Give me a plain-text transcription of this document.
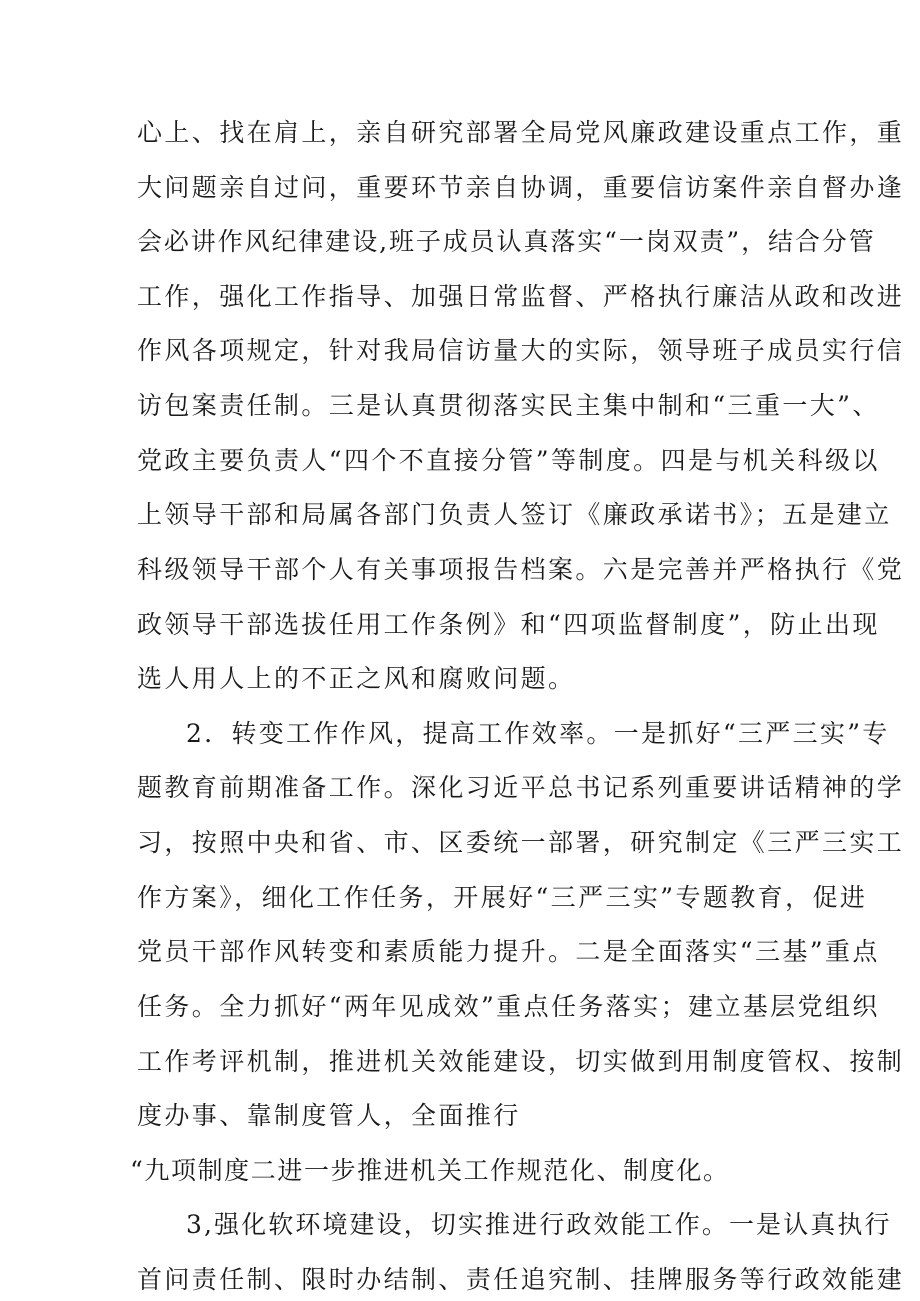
心上、找在肩上，亲自研究部署全局党风廉政建设重点工作，重

大问题亲自过问，重要环节亲自协调，重要信访案件亲自督办逢

会必讲作风纪律建设,班子成员认真落实“一岗双责”，结合分管

工作，强化工作指导、加强日常监督、严格执行廉洁从政和改进

作风各项规定，针对我局信访量大的实际，领导班子成员实行信

访包案责任制。三是认真贯彻落实民主集中制和“三重一大”、

党政主要负责人“四个不直接分管”等制度。四是与机关科级以

上领导干部和局属各部门负责人签订《廉政承诺书》；五是建立

科级领导干部个人有关事项报告档案。六是完善并严格执行《党

政领导干部选拔任用工作条例》和“四项监督制度”，防止出现

选人用人上的不正之风和腐败问题。

2．转变工作作风，提高工作效率。一是抓好“三严三实”专

题教育前期准备工作。深化习近平总书记系列重要讲话精神的学

习，按照中央和省、市、区委统一部署，研究制定《三严三实工

作方案》，细化工作任务，开展好“三严三实”专题教育，促进

党员干部作风转变和素质能力提升。二是全面落实“三基”重点

任务。全力抓好“两年见成效”重点任务落实；建立基层党组织

工作考评机制，推进机关效能建设，切实做到用制度管权、按制

度办事、靠制度管人，全面推行

“九项制度二进一步推进机关工作规范化、制度化。

3,强化软环境建设，切实推进行政效能工作。一是认真执行

首问责任制、限时办结制、责任追究制、挂牌服务等行政效能建
